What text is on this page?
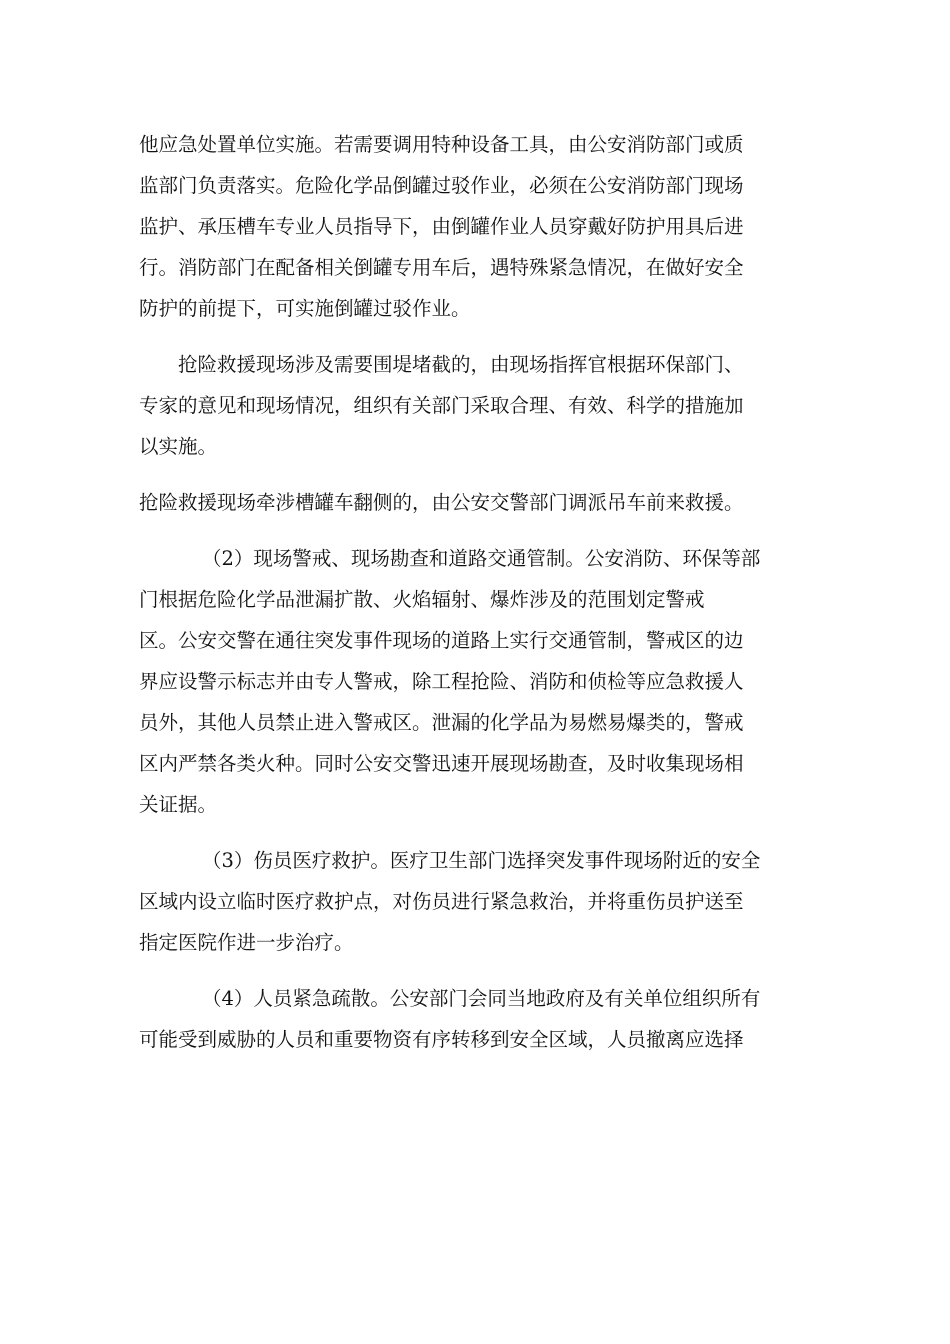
他应急处置单位实施。若需要调用特种设备工具，由公安消防部门或质
监部门负责落实。危险化学品倒罐过驳作业，必须在公安消防部门现场
监护、承压槽车专业人员指导下，由倒罐作业人员穿戴好防护用具后进
行。消防部门在配备相关倒罐专用车后，遇特殊紧急情况，在做好安全
防护的前提下，可实施倒罐过驳作业。
抢险救援现场涉及需要围堤堵截的，由现场指挥官根据环保部门、
专家的意见和现场情况，组织有关部门采取合理、有效、科学的措施加
以实施。
抢险救援现场牵涉槽罐车翻侧的，由公安交警部门调派吊车前来救援。
（2）现场警戒、现场勘查和道路交通管制。公安消防、环保等部
门根据危险化学品泄漏扩散、火焰辐射、爆炸涉及的范围划定警戒
区。公安交警在通往突发事件现场的道路上实行交通管制，警戒区的边
界应设警示标志并由专人警戒，除工程抢险、消防和侦检等应急救援人
员外，其他人员禁止进入警戒区。泄漏的化学品为易燃易爆类的，警戒
区内严禁各类火种。同时公安交警迅速开展现场勘查，及时收集现场相
关证据。
（3）伤员医疗救护。医疗卫生部门选择突发事件现场附近的安全
区域内设立临时医疗救护点，对伤员进行紧急救治，并将重伤员护送至
指定医院作进一步治疗。
（4）人员紧急疏散。公安部门会同当地政府及有关单位组织所有
可能受到威胁的人员和重要物资有序转移到安全区域，人员撤离应选择
